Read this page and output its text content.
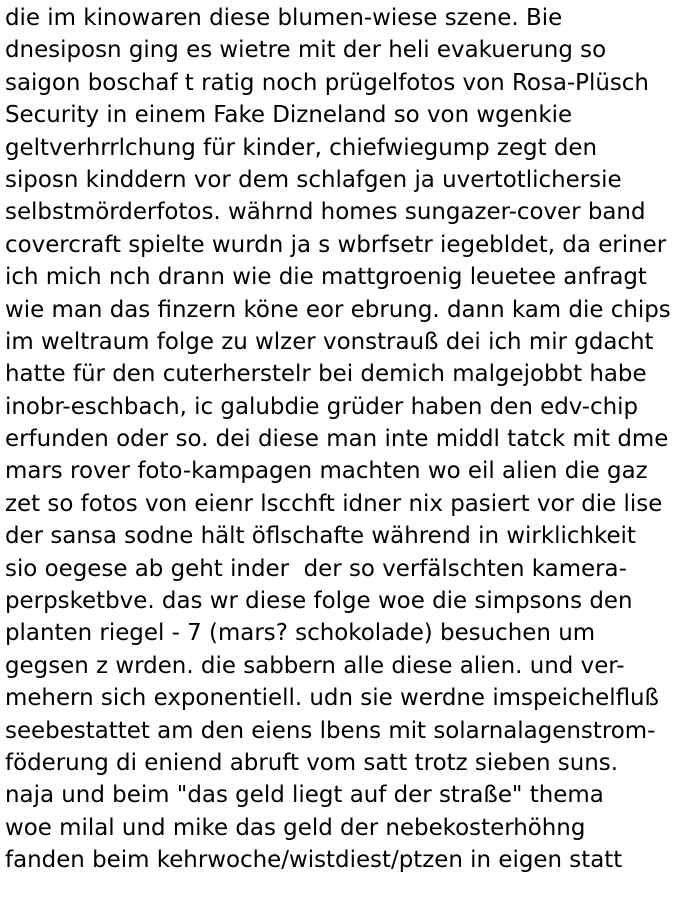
die im kinowaren diese blumen-wiese szene. Bie
dnesiposn ging es wietre mit der heli evakuerung so
saigon boschaf t ratig noch prügelfotos von Rosa-Plüsch
Security in einem Fake Dizneland so von wgenkie
geltverhrrlchung für kinder, chiefwiegump zegt den
siposn kinddern vor dem schlafgen ja uvertotlichersie
selbstmörderfotos. währnd homes sungazer-cover band
covercraft spielte wurdn ja s wbrfsetr iegebldet, da eriner
ich mich nch drann wie die mattgroenig leuetee anfragt
wie man das finzern köne eor ebrung. dann kam die chips
im weltraum folge zu wlzer vonstrauß dei ich mir gdacht
hatte für den cuterherstelr bei demich malgejobbt habe
inobr-eschbach, ic galubdie grüder haben den edv-chip
erfunden oder so. dei diese man inte middl tatck mit dme
mars rover foto-kampagen machten wo eil alien die gaz
zet so fotos von eienr lscchft idner nix pasiert vor die lise
der sansa sodne hält öflschafte während in wirklichkeit
sio oegese ab geht inder  der so verfälschten kamera-
perpsketbve. das wr diese folge woe die simpsons den
planten riegel - 7 (mars? schokolade) besuchen um
gegsen z wrden. die sabbern alle diese alien. und ver-
mehern sich exponentiell. udn sie werdne imspeichelfluß
seebestattet am den eiens lbens mit solarnalagenstrom-
föderung di eniend abruft vom satt trotz sieben suns.
naja und beim "das geld liegt auf der straße" thema
woe milal und mike das geld der nebekosterhöhng
fanden beim kehrwoche/wistdiest/ptzen in eigen statt
